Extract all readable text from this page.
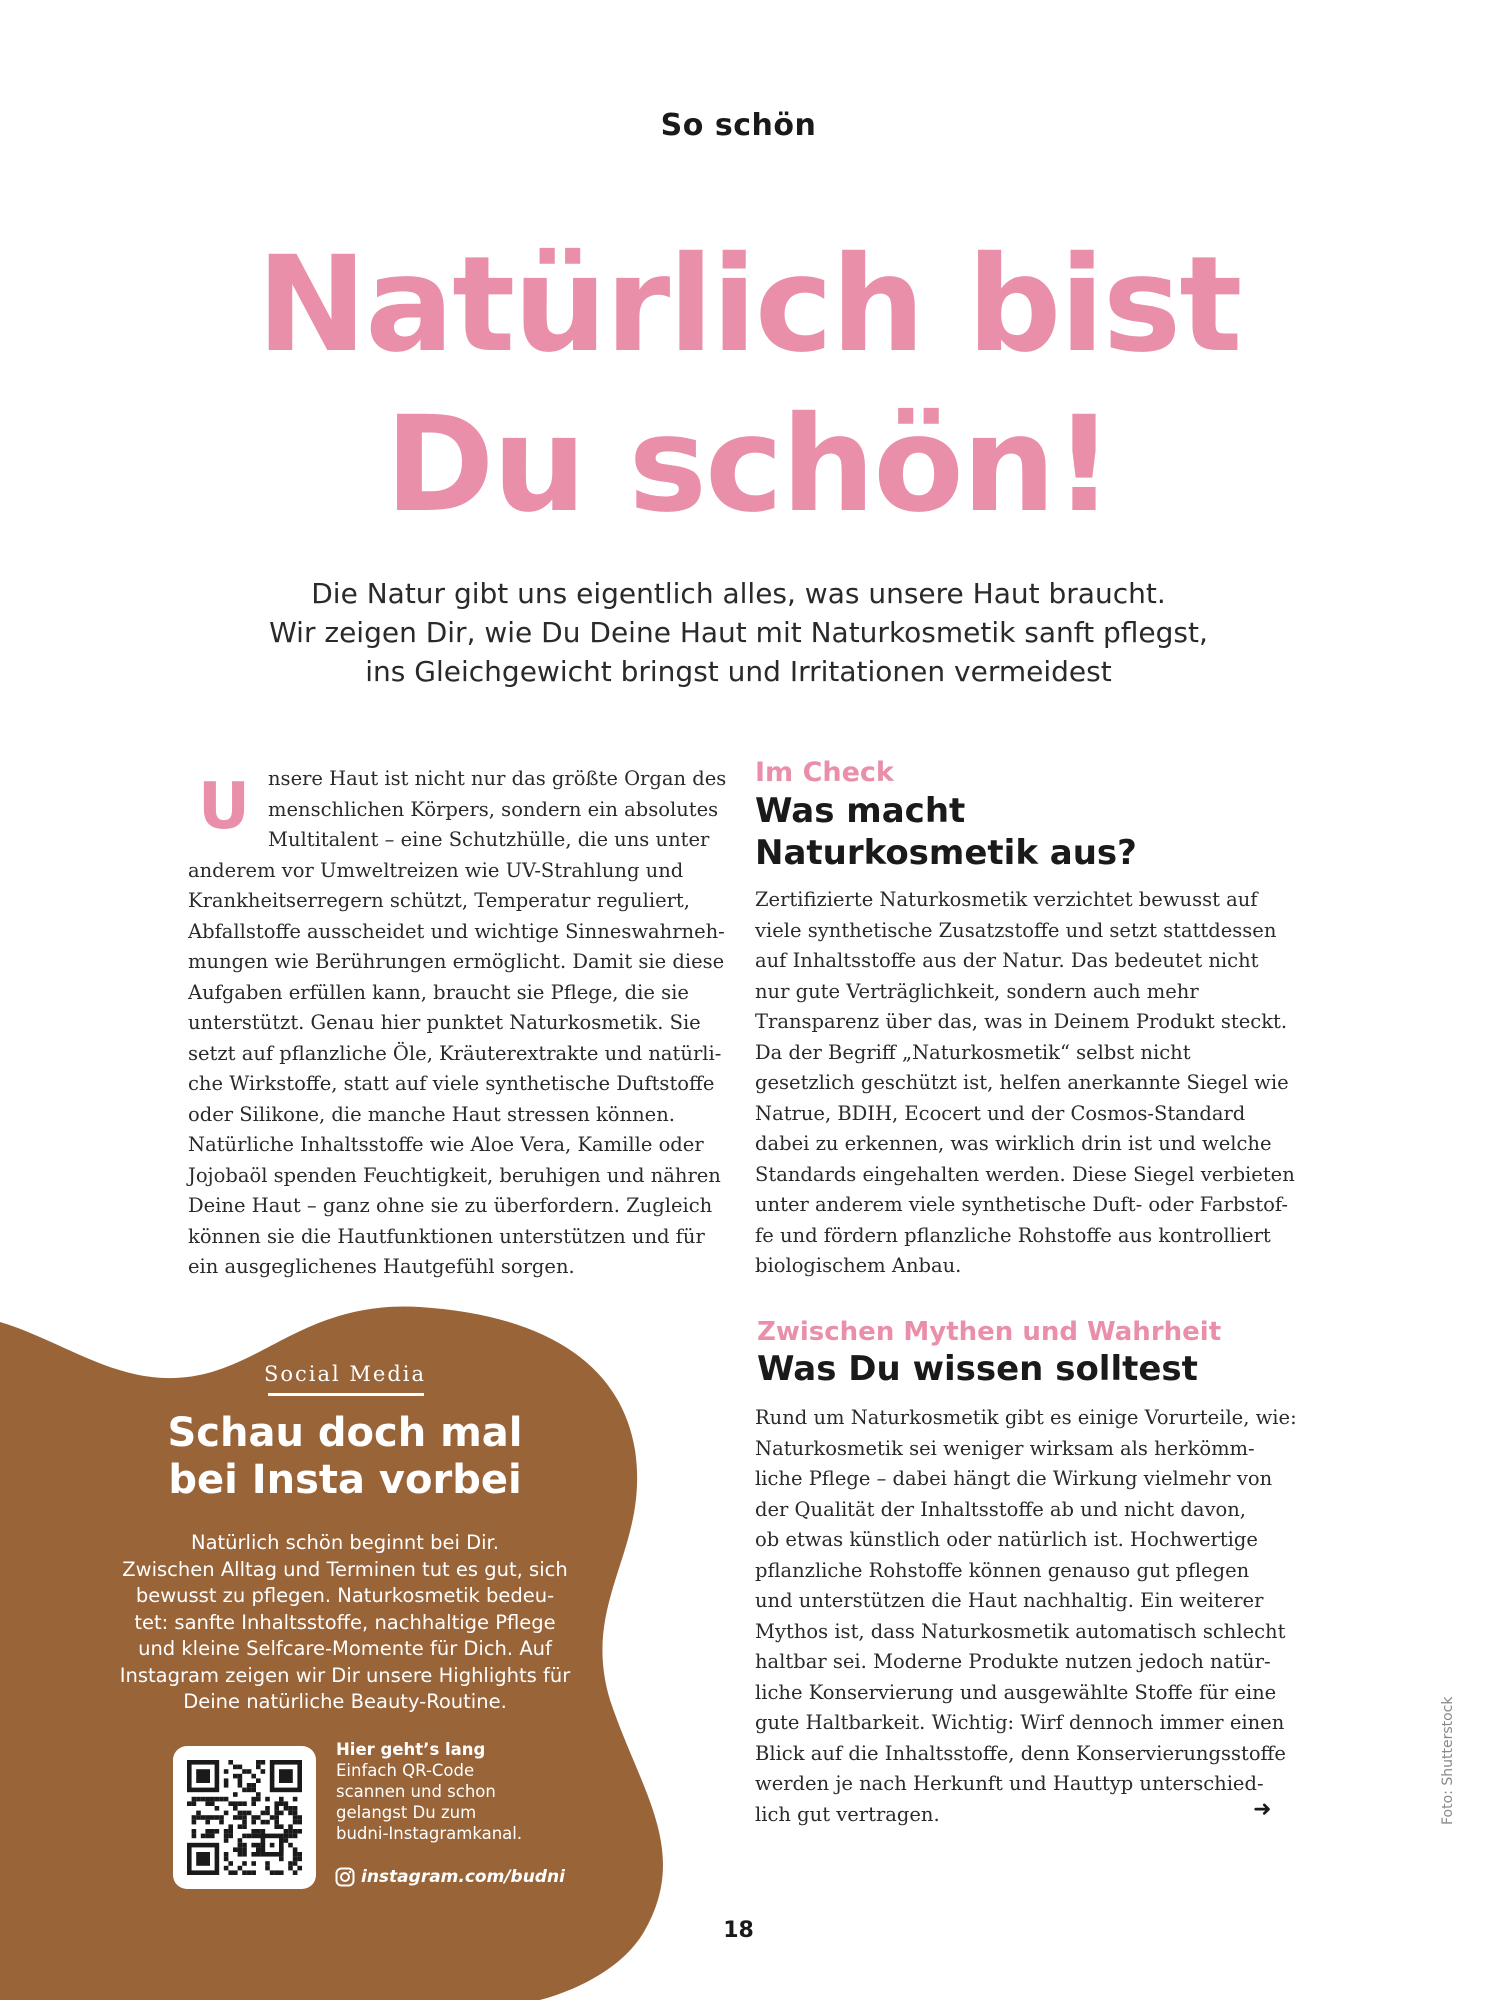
So schön
Natürlich bist
Du schön!
Die Natur gibt uns eigentlich alles, was unsere Haut braucht.
Wir zeigen Dir, wie Du Deine Haut mit Naturkosmetik sanft pflegst,
ins Gleichgewicht bringst und Irritationen vermeidest
U nsere Haut ist nicht nur das größte Organ des
menschlichen Körpers, sondern ein absolutes
Multitalent – eine Schutzhülle, die uns unter
anderem vor Umweltreizen wie UV-Strahlung und
Krankheitserregern schützt, Temperatur reguliert,
Abfallstoffe ausscheidet und wichtige Sinneswahrneh-
mungen wie Berührungen ermöglicht. Damit sie diese
Aufgaben erfüllen kann, braucht sie Pflege, die sie
unterstützt. Genau hier punktet Naturkosmetik. Sie
setzt auf pflanzliche Öle, Kräuterextrakte und natürli-
che Wirkstoffe, statt auf viele synthetische Duftstoffe
oder Silikone, die manche Haut stressen können.
Natürliche Inhaltsstoffe wie Aloe Vera, Kamille oder
Jojobaöl spenden Feuchtigkeit, beruhigen und nähren
Deine Haut – ganz ohne sie zu überfordern. Zugleich
können sie die Hautfunktionen unterstützen und für
ein ausgeglichenes Hautgefühl sorgen.
Im Check
Was macht
Naturkosmetik aus?
Zertifizierte Naturkosmetik verzichtet bewusst auf
viele synthetische Zusatzstoffe und setzt stattdessen
auf Inhaltsstoffe aus der Natur. Das bedeutet nicht
nur gute Verträglichkeit, sondern auch mehr
Transparenz über das, was in Deinem Produkt steckt.
Da der Begriff „Naturkosmetik“ selbst nicht
gesetzlich geschützt ist, helfen anerkannte Siegel wie
Natrue, BDIH, Ecocert und der Cosmos-Standard
dabei zu erkennen, was wirklich drin ist und welche
Standards eingehalten werden. Diese Siegel verbieten
unter anderem viele synthetische Duft- oder Farbstof-
fe und fördern pflanzliche Rohstoffe aus kontrolliert
biologischem Anbau.
Zwischen Mythen und Wahrheit
Was Du wissen solltest
Rund um Naturkosmetik gibt es einige Vorurteile, wie:
Naturkosmetik sei weniger wirksam als herkömm-
liche Pflege – dabei hängt die Wirkung vielmehr von
der Qualität der Inhaltsstoffe ab und nicht davon,
ob etwas künstlich oder natürlich ist. Hochwertige
pflanzliche Rohstoffe können genauso gut pflegen
und unterstützen die Haut nachhaltig. Ein weiterer
Mythos ist, dass Naturkosmetik automatisch schlecht
haltbar sei. Moderne Produkte nutzen jedoch natür-
liche Konservierung und ausgewählte Stoffe für eine
gute Haltbarkeit. Wichtig: Wirf dennoch immer einen
Blick auf die Inhaltsstoffe, denn Konservierungsstoffe
werden je nach Herkunft und Hauttyp unterschied-
lich gut vertragen.	➜
Social Media
Schau doch mal
bei Insta vorbei
Natürlich schön beginnt bei Dir.
Zwischen Alltag und Terminen tut es gut, sich
bewusst zu pflegen. Naturkosmetik bedeu-
tet: sanfte Inhaltsstoffe, nachhaltige Pflege
und kleine Selfcare-Momente für Dich. Auf
Instagram zeigen wir Dir unsere Highlights für
Deine natürliche Beauty-Routine.
Hier geht’s lang
Einfach QR-Code
scannen und schon
gelangst Du zum
budni-Instagramkanal.
instagram.com/budni
18
Foto: Shutterstock
